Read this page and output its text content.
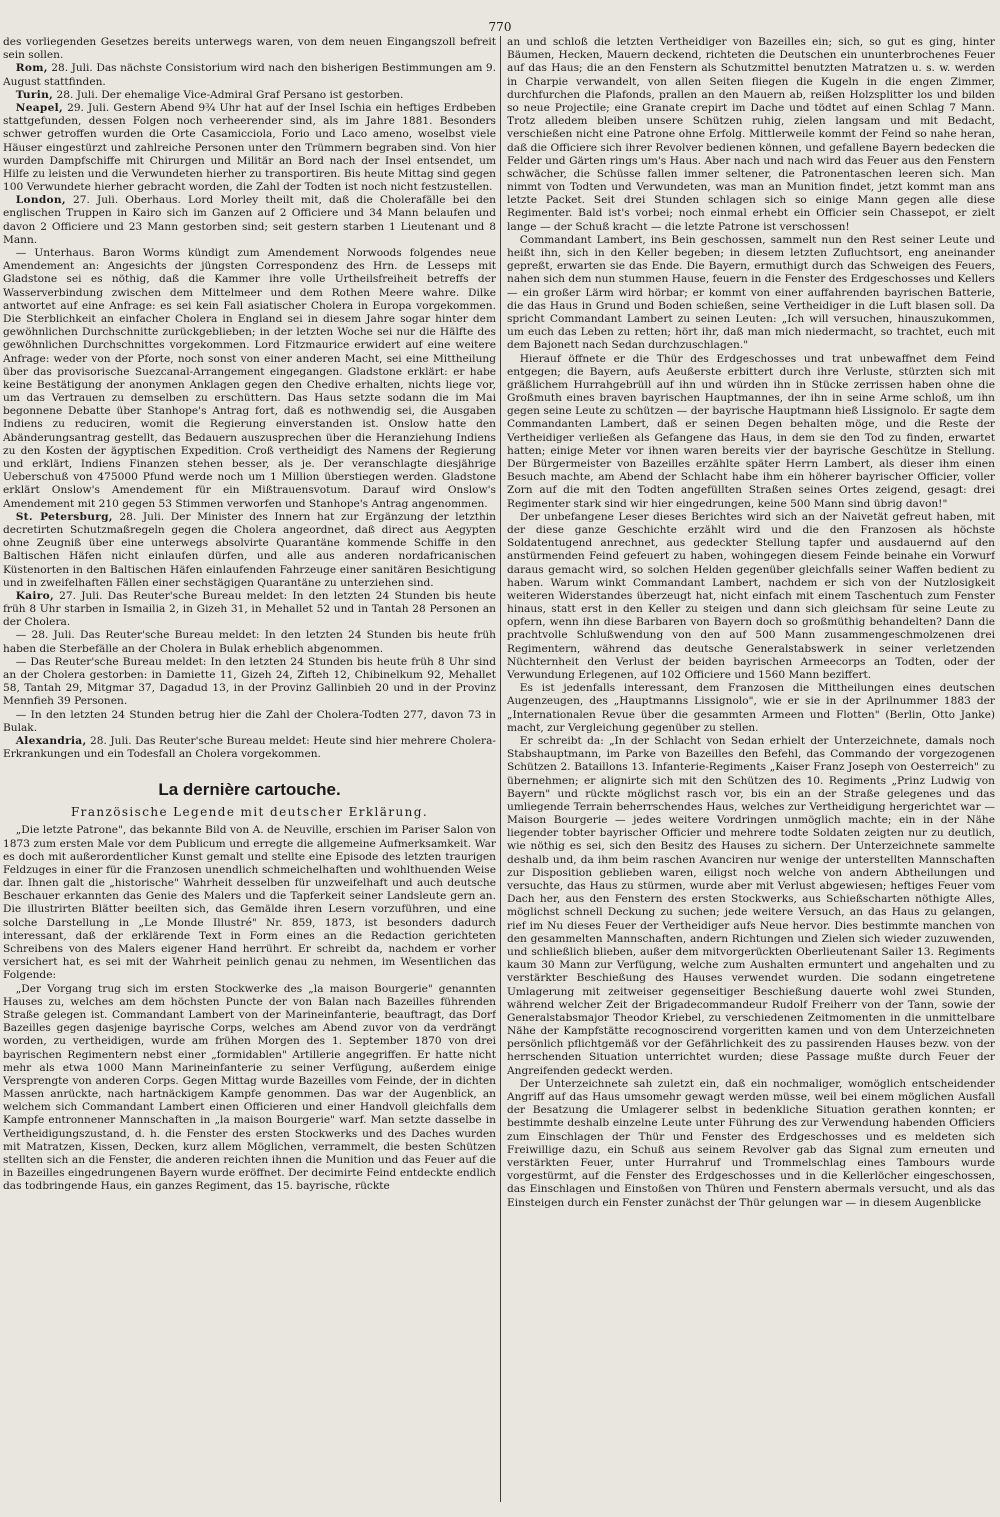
770

des vorliegenden Gesetzes bereits unterwegs waren, von dem neuen Eingangszoll befreit sein sollen.

Rom, 28. Juli. Das nächste Consistorium wird nach den bisherigen Bestimmungen am 9. August stattfinden.

Turin, 28. Juli. Der ehemalige Vice-Admiral Graf Persano ist gestorben.

Neapel, 29. Juli. Gestern Abend 9¾ Uhr hat auf der Insel Ischia ein heftiges Erdbeben stattgefunden, dessen Folgen noch verheerender sind, als im Jahre 1881. Besonders schwer getroffen wurden die Orte Casamicciola, Forio und Laco ameno, woselbst viele Häuser eingestürzt und zahlreiche Personen unter den Trümmern begraben sind. Von hier wurden Dampfschiffe mit Chirurgen und Militär an Bord nach der Insel entsendet, um Hilfe zu leisten und die Verwundeten hierher zu transportiren. Bis heute Mittag sind gegen 100 Verwundete hierher gebracht worden, die Zahl der Todten ist noch nicht festzustellen.

London, 27. Juli. Oberhaus. Lord Morley theilt mit, daß die Cholerafälle bei den englischen Truppen in Kairo sich im Ganzen auf 2 Officiere und 34 Mann belaufen und davon 2 Officiere und 23 Mann gestorben sind; seit gestern starben 1 Lieutenant und 8 Mann.

— Unterhaus. Baron Worms kündigt zum Amendement Norwoods folgendes neue Amendement an: Angesichts der jüngsten Correspondenz des Hrn. de Lesseps mit Gladstone sei es nöthig, daß die Kammer ihre volle Urtheilsfreiheit betreffs der Wasserverbindung zwischen dem Mittelmeer und dem Rothen Meere wahre. Dilke antwortet auf eine Anfrage: es sei kein Fall asiatischer Cholera in Europa vorgekommen. Die Sterblichkeit an einfacher Cholera in England sei in diesem Jahre sogar hinter dem gewöhnlichen Durchschnitte zurückgeblieben; in der letzten Woche sei nur die Hälfte des gewöhnlichen Durchschnittes vorgekommen. Lord Fitzmaurice erwidert auf eine weitere Anfrage: weder von der Pforte, noch sonst von einer anderen Macht, sei eine Mittheilung über das provisorische Suezcanal-Arrangement eingegangen. Gladstone erklärt: er habe keine Bestätigung der anonymen Anklagen gegen den Chedive erhalten, nichts liege vor, um das Vertrauen zu demselben zu erschüttern. Das Haus setzte sodann die im Mai begonnene Debatte über Stanhope's Antrag fort, daß es nothwendig sei, die Ausgaben Indiens zu reduciren, womit die Regierung einverstanden ist. Onslow hatte den Abänderungsantrag gestellt, das Bedauern auszusprechen über die Heranziehung Indiens zu den Kosten der ägyptischen Expedition. Croß vertheidigt des Namens der Regierung und erklärt, Indiens Finanzen stehen besser, als je. Der veranschlagte diesjährige Ueberschuß von 475000 Pfund werde noch um 1 Million überstiegen werden. Gladstone erklärt Onslow's Amendement für ein Mißtrauensvotum. Darauf wird Onslow's Amendement mit 210 gegen 53 Stimmen verworfen und Stanhope's Antrag angenommen.

St. Petersburg, 28. Juli. Der Minister des Innern hat zur Ergänzung der letzthin decretirten Schutzmaßregeln gegen die Cholera angeordnet, daß direct aus Aegypten ohne Zeugniß über eine unterwegs absolvirte Quarantäne kommende Schiffe in den Baltischen Häfen nicht einlaufen dürfen, und alle aus anderen nordafricanischen Küstenorten in den Baltischen Häfen einlaufenden Fahrzeuge einer sanitären Besichtigung und in zweifelhaften Fällen einer sechstägigen Quarantäne zu unterziehen sind.

Kairo, 27. Juli. Das Reuter'sche Bureau meldet: In den letzten 24 Stunden bis heute früh 8 Uhr starben in Ismailia 2, in Gizeh 31, in Mehallet 52 und in Tantah 28 Personen an der Cholera.

— 28. Juli. Das Reuter'sche Bureau meldet: In den letzten 24 Stunden bis heute früh haben die Sterbefälle an der Cholera in Bulak erheblich abgenommen.

— Das Reuter'sche Bureau meldet: In den letzten 24 Stunden bis heute früh 8 Uhr sind an der Cholera gestorben: in Damiette 11, Gizeh 24, Zifteh 12, Chibinelkum 92, Mehallet 58, Tantah 29, Mitgmar 37, Dagadud 13, in der Provinz Gallinbieh 20 und in der Provinz Mennfieh 39 Personen.

— In den letzten 24 Stunden betrug hier die Zahl der Cholera-Todten 277, davon 73 in Bulak.

Alexandria, 28. Juli. Das Reuter'sche Bureau meldet: Heute sind hier mehrere Cholera-Erkrankungen und ein Todesfall an Cholera vorgekommen.

La dernière cartouche.
Französische Legende mit deutscher Erklärung.

„Die letzte Patrone", das bekannte Bild von A. de Neuville, erschien im Pariser Salon von 1873 zum ersten Male vor dem Publicum und erregte die allgemeine Aufmerksamkeit. War es doch mit außerordentlicher Kunst gemalt und stellte eine Episode des letzten traurigen Feldzuges in einer für die Franzosen unendlich schmeichelhaften und wohlthuenden Weise dar. Ihnen galt die „historische" Wahrheit desselben für unzweifelhaft und auch deutsche Beschauer erkannten das Genie des Malers und die Tapferkeit seiner Landsleute gern an. Die illustrirten Blätter beeilten sich, das Gemälde ihren Lesern vorzuführen, und eine solche Darstellung in „Le Monde Illustré" Nr. 859, 1873, ist besonders dadurch interessant, daß der erklärende Text in Form eines an die Redaction gerichteten Schreibens von des Malers eigener Hand herrührt. Er schreibt da, nachdem er vorher versichert hat, es sei mit der Wahrheit peinlich genau zu nehmen, im Wesentlichen das Folgende:

„Der Vorgang trug sich im ersten Stockwerke des „la maison Bourgerie" genannten Hauses zu, welches am dem höchsten Puncte der von Balan nach Bazeilles führenden Straße gelegen ist. Commandant Lambert von der Marineinfanterie, beauftragt, das Dorf Bazeilles gegen dasjenige bayrische Corps, welches am Abend zuvor von da verdrängt worden, zu vertheidigen, wurde am frühen Morgen des 1. September 1870 von drei bayrischen Regimentern nebst einer „formidablen" Artillerie angegriffen. Er hatte nicht mehr als etwa 1000 Mann Marineinfanterie zu seiner Verfügung, außerdem einige Versprengte von anderen Corps. Gegen Mittag wurde Bazeilles vom Feinde, der in dichten Massen anrückte, nach hartnäckigem Kampfe genommen. Das war der Augenblick, an welchem sich Commandant Lambert einen Officieren und einer Handvoll gleichfalls dem Kampfe entronnener Mannschaften in „la maison Bourgerie" warf. Man setzte dasselbe in Vertheidigungszustand, d. h. die Fenster des ersten Stockwerks und des Daches wurden mit Matratzen, Kissen, Decken, kurz allem Möglichen, verrammelt, die besten Schützen stellten sich an die Fenster, die anderen reichten ihnen die Munition und das Feuer auf die in Bazeilles eingedrungenen Bayern wurde eröffnet. Der decimirte Feind entdeckte endlich das todbringende Haus, ein ganzes Regiment, das 15. bayrische, rückte

an und schloß die letzten Vertheidiger von Bazeilles ein; sich, so gut es ging, hinter Bäumen, Hecken, Mauern deckend, richteten die Deutschen ein ununterbrochenes Feuer auf das Haus; die an den Fenstern als Schutzmittel benutzten Matratzen u. s. w. werden in Charpie verwandelt, von allen Seiten fliegen die Kugeln in die engen Zimmer, durchfurchen die Plafonds, prallen an den Mauern ab, reißen Holzsplitter los und bilden so neue Projectile; eine Granate crepirt im Dache und tödtet auf einen Schlag 7 Mann. Trotz alledem bleiben unsere Schützen ruhig, zielen langsam und mit Bedacht, verschießen nicht eine Patrone ohne Erfolg. Mittlerweile kommt der Feind so nahe heran, daß die Officiere sich ihrer Revolver bedienen können, und gefallene Bayern bedecken die Felder und Gärten rings um's Haus. Aber nach und nach wird das Feuer aus den Fenstern schwächer, die Schüsse fallen immer seltener, die Patronentaschen leeren sich. Man nimmt von Todten und Verwundeten, was man an Munition findet, jetzt kommt man ans letzte Packet. Seit drei Stunden schlagen sich so einige Mann gegen alle diese Regimenter. Bald ist's vorbei; noch einmal erhebt ein Officier sein Chassepot, er zielt lange — der Schuß kracht — die letzte Patrone ist verschossen!

Commandant Lambert, ins Bein geschossen, sammelt nun den Rest seiner Leute und heißt ihn, sich in den Keller begeben; in diesem letzten Zufluchtsort, eng aneinander gepreßt, erwarten sie das Ende. Die Bayern, ermuthigt durch das Schweigen des Feuers, nahen sich dem nun stummen Hause, feuern in die Fenster des Erdgeschosses und Kellers — ein großer Lärm wird hörbar; er kommt von einer auffahrenden bayrischen Batterie, die das Haus in Grund und Boden schießen, seine Vertheidiger in die Luft blasen soll. Da spricht Commandant Lambert zu seinen Leuten: „Ich will versuchen, hinauszukommen, um euch das Leben zu retten; hört ihr, daß man mich niedermacht, so trachtet, euch mit dem Bajonett nach Sedan durchzuschlagen."

Hierauf öffnete er die Thür des Erdgeschosses und trat unbewaffnet dem Feind entgegen; die Bayern, aufs Aeußerste erbittert durch ihre Verluste, stürzten sich mit gräßlichem Hurrahgebrüll auf ihn und würden ihn in Stücke zerrissen haben ohne die Großmuth eines braven bayrischen Hauptmannes, der ihn in seine Arme schloß, um ihn gegen seine Leute zu schützen — der bayrische Hauptmann hieß Lissignolo. Er sagte dem Commandanten Lambert, daß er seinen Degen behalten möge, und die Reste der Vertheidiger verließen als Gefangene das Haus, in dem sie den Tod zu finden, erwartet hatten; einige Meter vor ihnen waren bereits vier der bayrische Geschütze in Stellung. Der Bürgermeister von Bazeilles erzählte später Herrn Lambert, als dieser ihm einen Besuch machte, am Abend der Schlacht habe ihm ein höherer bayrischer Officier, voller Zorn auf die mit den Todten angefüllten Straßen seines Ortes zeigend, gesagt: drei Regimenter stark sind wir hier eingedrungen, keine 500 Mann sind übrig davon!"

Der unbefangene Leser dieses Berichtes wird sich an der Naivetät gefreut haben, mit der diese ganze Geschichte erzählt wird und die den Franzosen als höchste Soldatentugend anrechnet, aus gedeckter Stellung tapfer und ausdauernd auf den anstürmenden Feind gefeuert zu haben, wohingegen diesem Feinde beinahe ein Vorwurf daraus gemacht wird, so solchen Helden gegenüber gleichfalls seiner Waffen bedient zu haben. Warum winkt Commandant Lambert, nachdem er sich von der Nutzlosigkeit weiteren Widerstandes überzeugt hat, nicht einfach mit einem Taschentuch zum Fenster hinaus, statt erst in den Keller zu steigen und dann sich gleichsam für seine Leute zu opfern, wenn ihn diese Barbaren von Bayern doch so großmüthig behandelten? Dann die prachtvolle Schlußwendung von den auf 500 Mann zusammengeschmolzenen drei Regimentern, während das deutsche Generalstabswerk in seiner verletzenden Nüchternheit den Verlust der beiden bayrischen Armeecorps an Todten, oder der Verwundung Erlegenen, auf 102 Officiere und 1560 Mann beziffert.

Es ist jedenfalls interessant, dem Franzosen die Mittheilungen eines deutschen Augenzeugen, des „Hauptmanns Lissignolo", wie er sie in der Aprilnummer 1883 der „Internationalen Revue über die gesammten Armeen und Flotten" (Berlin, Otto Janke) macht, zur Vergleichung gegenüber zu stellen.

Er schreibt da: „In der Schlacht von Sedan erhielt der Unterzeichnete, damals noch Stabshauptmann, im Parke von Bazeilles den Befehl, das Commando der vorgezogenen Schützen 2. Bataillons 13. Infanterie-Regiments „Kaiser Franz Joseph von Oesterreich" zu übernehmen; er alignirte sich mit den Schützen des 10. Regiments „Prinz Ludwig von Bayern" und rückte möglichst rasch vor, bis ein an der Straße gelegenes und das umliegende Terrain beherrschendes Haus, welches zur Vertheidigung hergerichtet war — Maison Bourgerie — jedes weitere Vordringen unmöglich machte; ein in der Nähe liegender tobter bayrischer Officier und mehrere todte Soldaten zeigten nur zu deutlich, wie nöthig es sei, sich den Besitz des Hauses zu sichern. Der Unterzeichnete sammelte deshalb und, da ihm beim raschen Avanciren nur wenige der unterstellten Mannschaften zur Disposition geblieben waren, eiligst noch welche von andern Abtheilungen und versuchte, das Haus zu stürmen, wurde aber mit Verlust abgewiesen; heftiges Feuer vom Dach her, aus den Fenstern des ersten Stockwerks, aus Schießscharten nöthigte Alles, möglichst schnell Deckung zu suchen; jede weitere Versuch, an das Haus zu gelangen, rief im Nu dieses Feuer der Vertheidiger aufs Neue hervor. Dies bestimmte manchen von den gesammelten Mannschaften, andern Richtungen und Zielen sich wieder zuzuwenden, und schließlich blieben, außer dem mitvorgerückten Oberlieutenant Sailer 13. Regiments kaum 30 Mann zur Verfügung, welche zum Aushalten ermuntert und angehalten und zu verstärkter Beschießung des Hauses verwendet wurden. Die sodann eingetretene Umlagerung mit zeitweiser gegenseitiger Beschießung dauerte wohl zwei Stunden, während welcher Zeit der Brigadecommandeur Rudolf Freiherr von der Tann, sowie der Generalstabsmajor Theodor Kriebel, zu verschiedenen Zeitmomenten in die unmittelbare Nähe der Kampfstätte recognoscirend vorgeritten kamen und von dem Unterzeichneten persönlich pflichtgemäß vor der Gefährlichkeit des zu passirenden Hauses bezw. von der herrschenden Situation unterrichtet wurden; diese Passage mußte durch Feuer der Angreifenden gedeckt werden.

Der Unterzeichnete sah zuletzt ein, daß ein nochmaliger, womöglich entscheidender Angriff auf das Haus umsomehr gewagt werden müsse, weil bei einem möglichen Ausfall der Besatzung die Umlagerer selbst in bedenkliche Situation gerathen konnten; er bestimmte deshalb einzelne Leute unter Führung des zur Verwendung habenden Officiers zum Einschlagen der Thür und Fenster des Erdgeschosses und es meldeten sich Freiwillige dazu, ein Schuß aus seinem Revolver gab das Signal zum erneuten und verstärkten Feuer, unter Hurrahruf und Trommelschlag eines Tambours wurde vorgestürmt, auf die Fenster des Erdgeschosses und in die Kellerlöcher eingeschossen, das Einschlagen und Einstoßen von Thüren und Fenstern abermals versucht, und als das Einsteigen durch ein Fenster zunächst der Thür gelungen war — in diesem Augenblicke
